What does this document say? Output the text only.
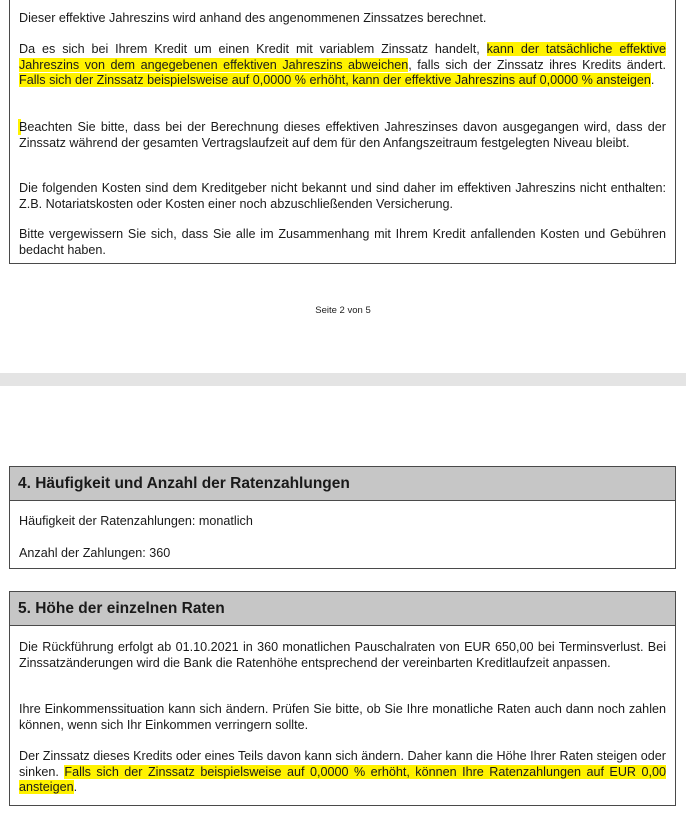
Dieser effektive Jahreszins wird anhand des angenommenen Zinssatzes berechnet.

Da es sich bei Ihrem Kredit um einen Kredit mit variablem Zinssatz handelt, kann der tatsächliche effektive Jahreszins von dem angegebenen effektiven Jahreszins abweichen, falls sich der Zinssatz ihres Kredits ändert. Falls sich der Zinssatz beispielsweise auf 0,0000 % erhöht, kann der effektive Jahreszins auf 0,0000 % ansteigen.

Beachten Sie bitte, dass bei der Berechnung dieses effektiven Jahreszinses davon ausgegangen wird, dass der Zinssatz während der gesamten Vertragslaufzeit auf dem für den Anfangszeitraum festgelegten Niveau bleibt.

Die folgenden Kosten sind dem Kreditgeber nicht bekannt und sind daher im effektiven Jahreszins nicht enthalten: Z.B. Notariatskosten oder Kosten einer noch abzuschließenden Versicherung.

Bitte vergewissern Sie sich, dass Sie alle im Zusammenhang mit Ihrem Kredit anfallenden Kosten und Gebühren bedacht haben.

Seite 2 von 5
4. Häufigkeit und Anzahl der Ratenzahlungen

Häufigkeit der Ratenzahlungen: monatlich

Anzahl der Zahlungen: 360

5. Höhe der einzelnen Raten

Die Rückführung erfolgt ab 01.10.2021 in 360 monatlichen Pauschalraten von EUR 650,00 bei Terminsverlust. Bei Zinssatzänderungen wird die Bank die Ratenhöhe entsprechend der vereinbarten Kreditlaufzeit anpassen.

Ihre Einkommenssituation kann sich ändern. Prüfen Sie bitte, ob Sie Ihre monatliche Raten auch dann noch zahlen können, wenn sich Ihr Einkommen verringern sollte.

Der Zinssatz dieses Kredits oder eines Teils davon kann sich ändern. Daher kann die Höhe Ihrer Raten steigen oder sinken. Falls sich der Zinssatz beispielsweise auf 0,0000 % erhöht, können Ihre Ratenzahlungen auf EUR 0,00 ansteigen.
